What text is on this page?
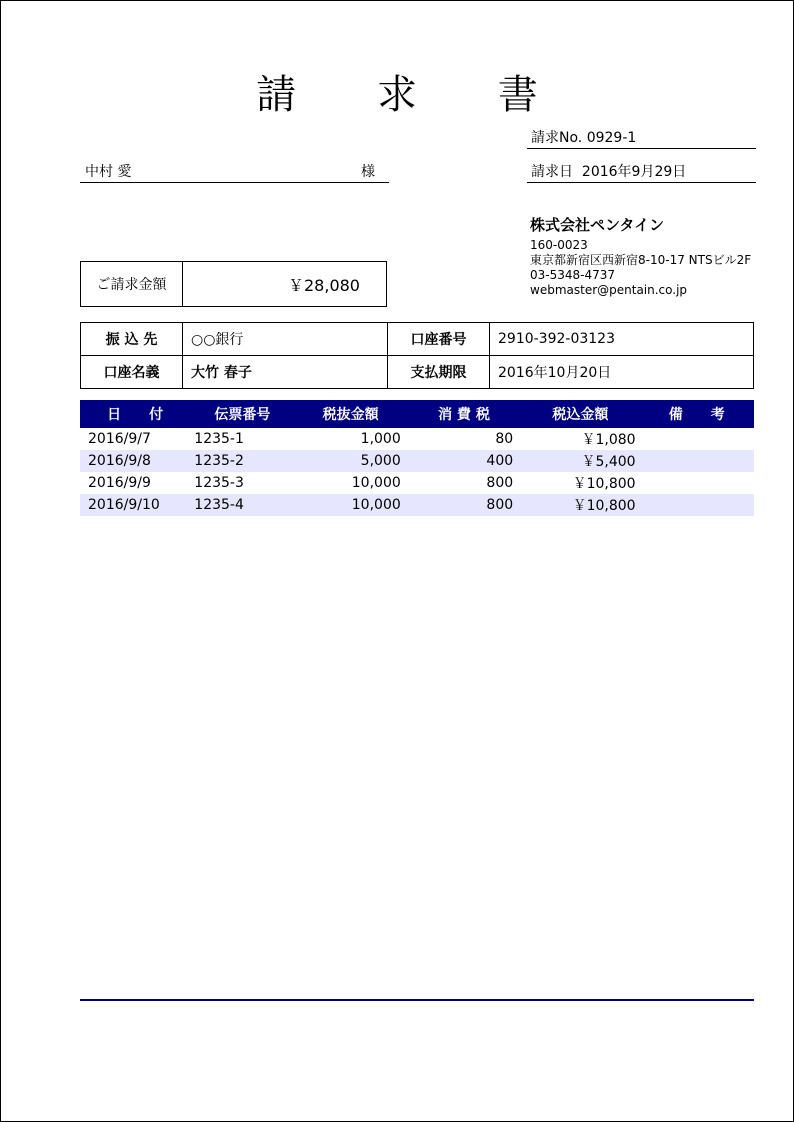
請 求 書
請求No. 0929-1
中村 愛	様	請求日 2016年9月29日
株式会社ペンタイン
160-0023
東京都新宿区西新宿8-10-17 NTSビル2F
03-5348-4737
webmaster@pentain.co.jp
ご請求金額	￥28,080
振 込 先	○○銀行	口座番号	2910-392-03123
口座名義	大竹 春子	支払期限	2016年10月20日
日　　付	伝票番号	税抜金額	消 費 税	税込金額	備　　考
2016/9/7	1235-1	1,000	80	￥1,080	
2016/9/8	1235-2	5,000	400	￥5,400	
2016/9/9	1235-3	10,000	800	￥10,800	
2016/9/10	1235-4	10,000	800	￥10,800	
